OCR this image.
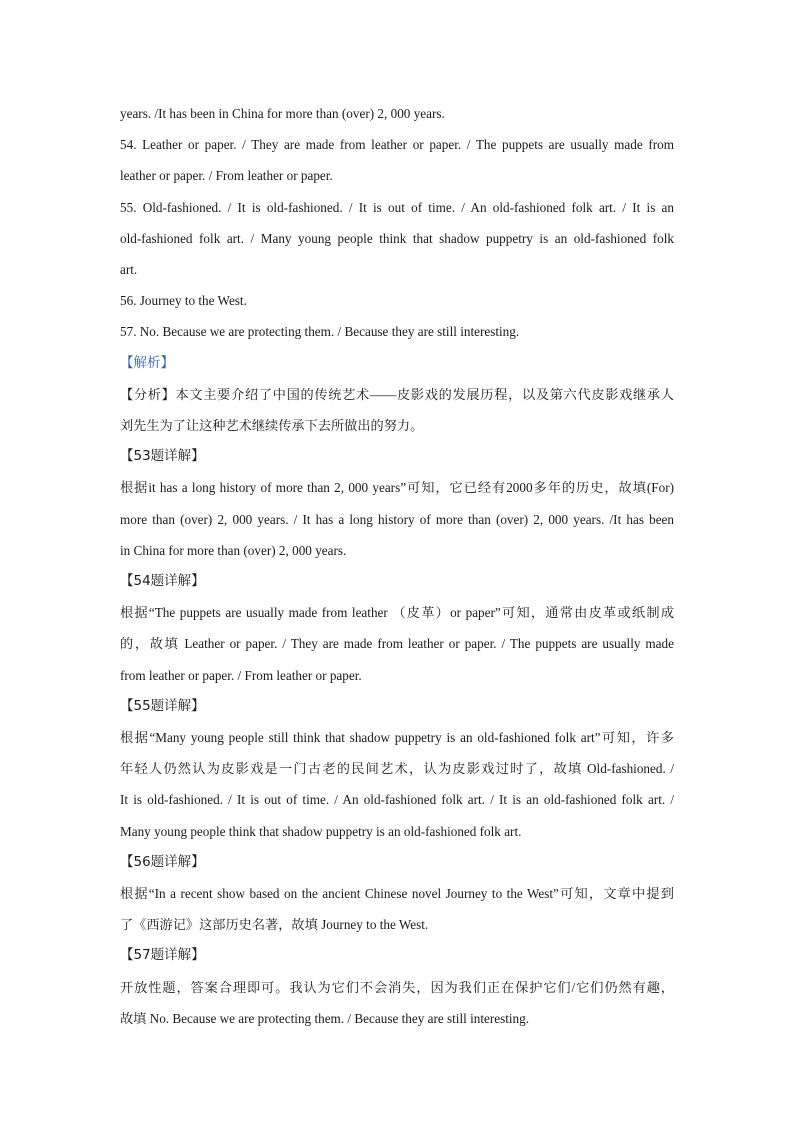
years. /It has been in China for more than (over) 2, 000 years.
54. Leather or paper. / They are made from leather or paper. / The puppets are usually made from
leather or paper. / From leather or paper.
55. Old-fashioned. / It is old-fashioned. / It is out of time. / An old-fashioned folk art. / It is an
old-fashioned folk art. / Many young people think that shadow puppetry is an old-fashioned folk
art.
56. Journey to the West.
57. No. Because we are protecting them. / Because they are still interesting.
【解析】
【分析】本文主要介绍了中国的传统艺术——皮影戏的发展历程，以及第六代皮影戏继承人
刘先生为了让这种艺术继续传承下去所做出的努力。
【53题详解】
根据it has a long history of more than 2, 000 years”可知，它已经有2000多年的历史，故填(For)
more than (over) 2, 000 years. / It has a long history of more than (over) 2, 000 years. /It has been
in China for more than (over) 2, 000 years.
【54题详解】
根据“The puppets are usually made from leather （皮革）or paper”可知，通常由皮革或纸制成
的，故填 Leather or paper. / They are made from leather or paper. / The puppets are usually made
from leather or paper. / From leather or paper.
【55题详解】
根据“Many young people still think that shadow puppetry is an old-fashioned folk art”可知，许多
年轻人仍然认为皮影戏是一门古老的民间艺术，认为皮影戏过时了，故填 Old-fashioned. /
It is old-fashioned. / It is out of time. / An old-fashioned folk art. / It is an old-fashioned folk art. /
Many young people think that shadow puppetry is an old-fashioned folk art.
【56题详解】
根据“In a recent show based on the ancient Chinese novel Journey to the West”可知，文章中提到
了《西游记》这部历史名著，故填 Journey to the West.
【57题详解】
开放性题，答案合理即可。我认为它们不会消失，因为我们正在保护它们/它们仍然有趣，
故填 No. Because we are protecting them. / Because they are still interesting.
